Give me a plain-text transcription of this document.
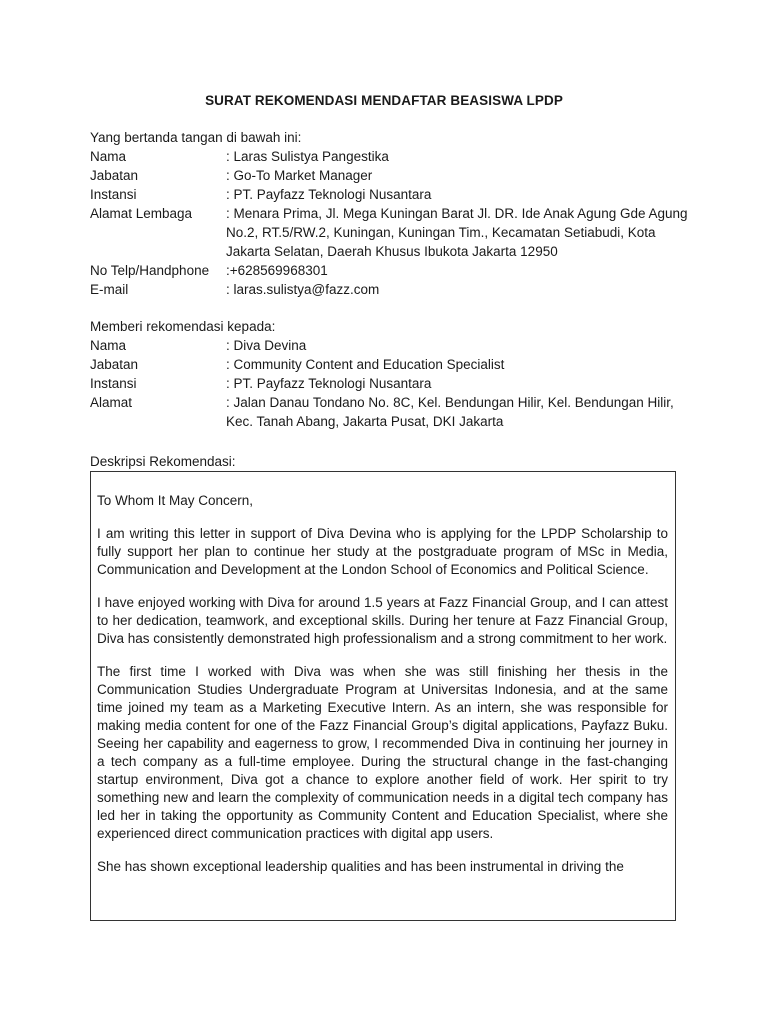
SURAT REKOMENDASI MENDAFTAR BEASISWA LPDP
Yang bertanda tangan di bawah ini:
Nama	: Laras Sulistya Pangestika
Jabatan	: Go-To Market Manager
Instansi	: PT. Payfazz Teknologi Nusantara
Alamat Lembaga	: Menara Prima, Jl. Mega Kuningan Barat Jl. DR. Ide Anak Agung Gde Agung No.2, RT.5/RW.2, Kuningan, Kuningan Tim., Kecamatan Setiabudi, Kota Jakarta Selatan, Daerah Khusus Ibukota Jakarta 12950
No Telp/Handphone	:+628569968301
E-mail	: laras.sulistya@fazz.com
Memberi rekomendasi kepada:
Nama	: Diva Devina
Jabatan	: Community Content and Education Specialist
Instansi	: PT. Payfazz Teknologi Nusantara
Alamat	: Jalan Danau Tondano No. 8C, Kel. Bendungan Hilir, Kel. Bendungan Hilir, Kec. Tanah Abang, Jakarta Pusat, DKI Jakarta
Deskripsi Rekomendasi:

To Whom It May Concern,

I am writing this letter in support of Diva Devina who is applying for the LPDP Scholarship to fully support her plan to continue her study at the postgraduate program of MSc in Media, Communication and Development at the London School of Economics and Political Science.

I have enjoyed working with Diva for around 1.5 years at Fazz Financial Group, and I can attest to her dedication, teamwork, and exceptional skills. During her tenure at Fazz Financial Group, Diva has consistently demonstrated high professionalism and a strong commitment to her work.

The first time I worked with Diva was when she was still finishing her thesis in the Communication Studies Undergraduate Program at Universitas Indonesia, and at the same time joined my team as a Marketing Executive Intern. As an intern, she was responsible for making media content for one of the Fazz Financial Group’s digital applications, Payfazz Buku. Seeing her capability and eagerness to grow, I recommended Diva in continuing her journey in a tech company as a full-time employee. During the structural change in the fast-changing startup environment, Diva got a chance to explore another field of work. Her spirit to try something new and learn the complexity of communication needs in a digital tech company has led her in taking the opportunity as Community Content and Education Specialist, where she experienced direct communication practices with digital app users.

She has shown exceptional leadership qualities and has been instrumental in driving the
